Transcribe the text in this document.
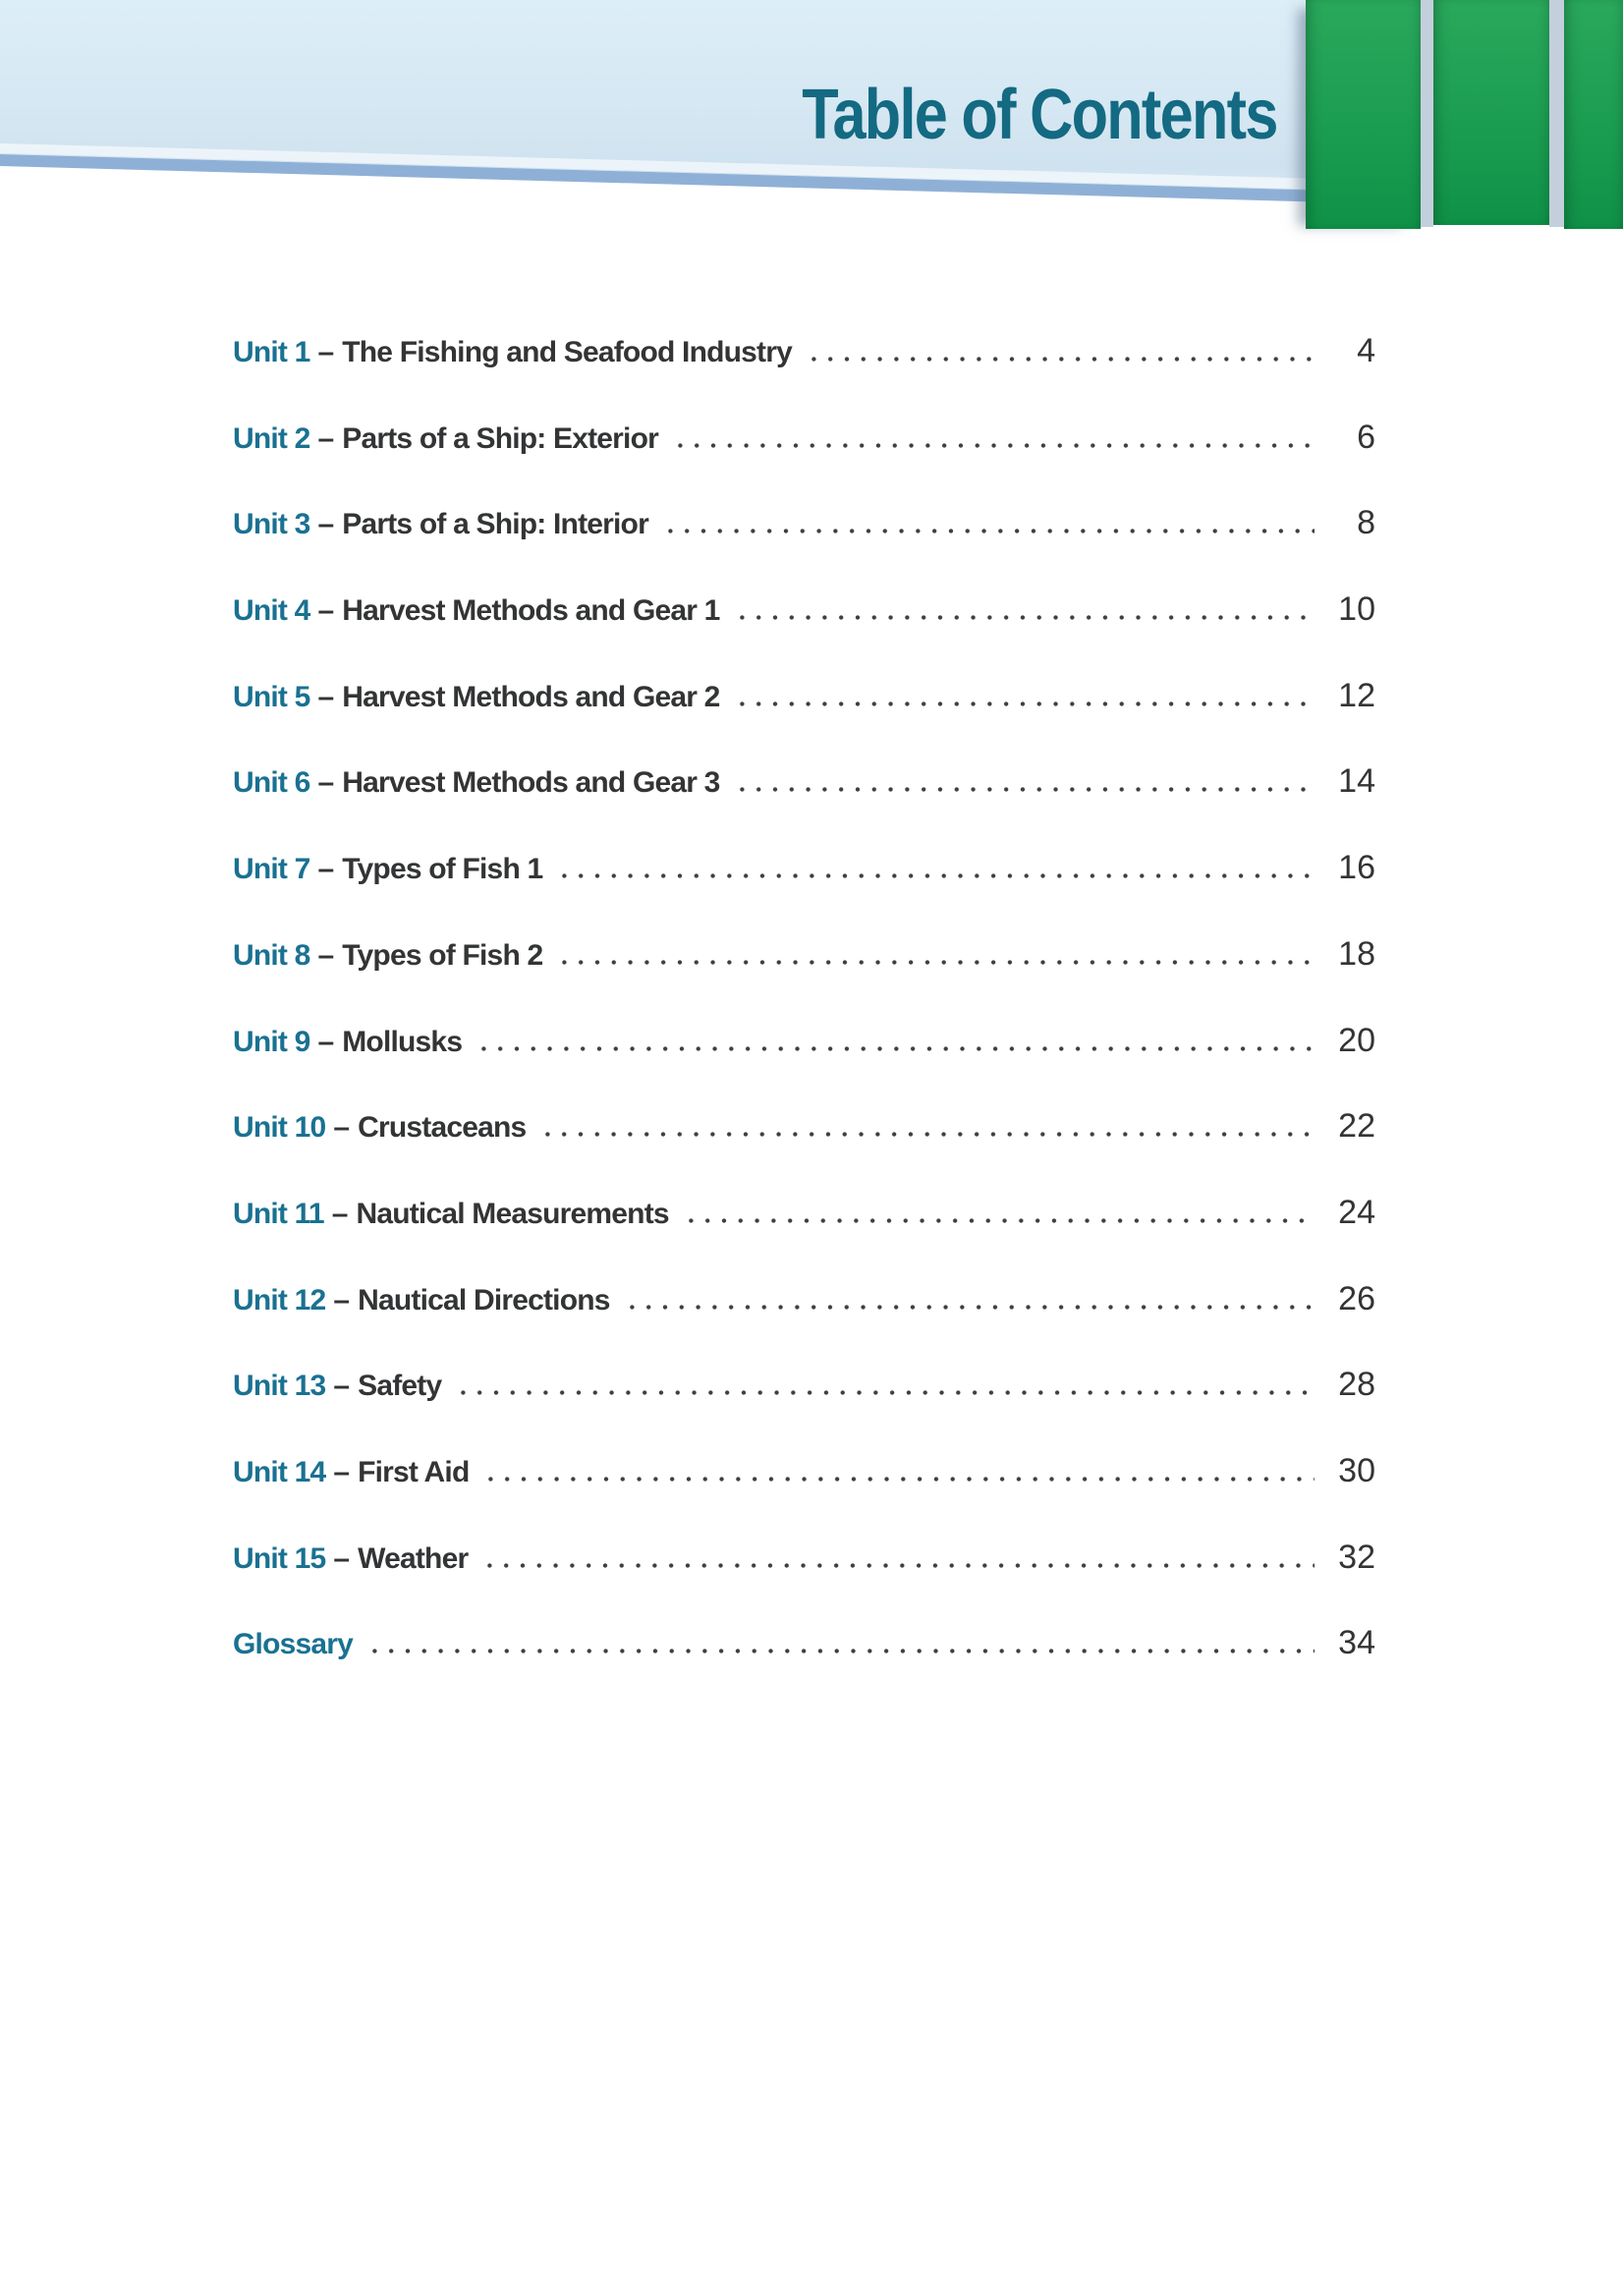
Table of Contents
Unit 1 – The Fishing and Seafood Industry	4
Unit 2 – Parts of a Ship: Exterior	6
Unit 3 – Parts of a Ship: Interior	8
Unit 4 – Harvest Methods and Gear 1	10
Unit 5 – Harvest Methods and Gear 2	12
Unit 6 – Harvest Methods and Gear 3	14
Unit 7 – Types of Fish 1	16
Unit 8 – Types of Fish 2	18
Unit 9 – Mollusks	20
Unit 10 – Crustaceans	22
Unit 11 – Nautical Measurements	24
Unit 12 – Nautical Directions	26
Unit 13 – Safety	28
Unit 14 – First Aid	30
Unit 15 – Weather	32
Glossary	34
